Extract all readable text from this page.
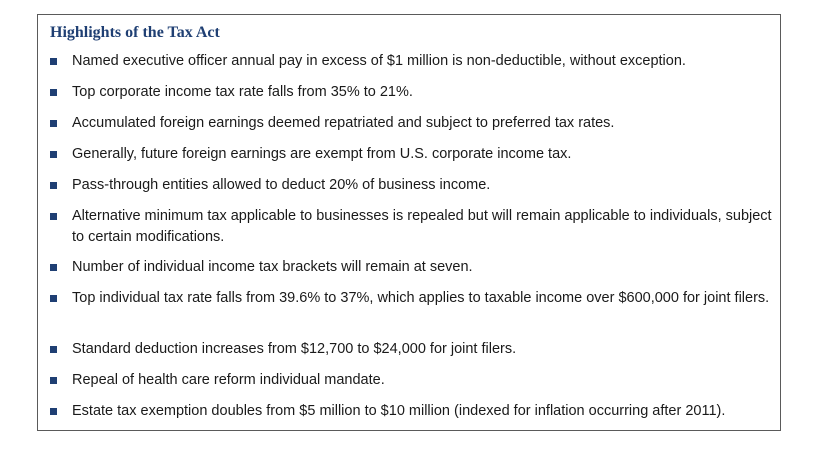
Highlights of the Tax Act
Named executive officer annual pay in excess of $1 million is non-deductible, without exception.
Top corporate income tax rate falls from 35% to 21%.
Accumulated foreign earnings deemed repatriated and subject to preferred tax rates.
Generally, future foreign earnings are exempt from U.S. corporate income tax.
Pass-through entities allowed to deduct 20% of business income.
Alternative minimum tax applicable to businesses is repealed but will remain applicable to individuals, subject to certain modifications.
Number of individual income tax brackets will remain at seven.
Top individual tax rate falls from 39.6% to 37%, which applies to taxable income over $600,000 for joint filers.
Standard deduction increases from $12,700 to $24,000 for joint filers.
Repeal of health care reform individual mandate.
Estate tax exemption doubles from $5 million to $10 million (indexed for inflation occurring after 2011).
